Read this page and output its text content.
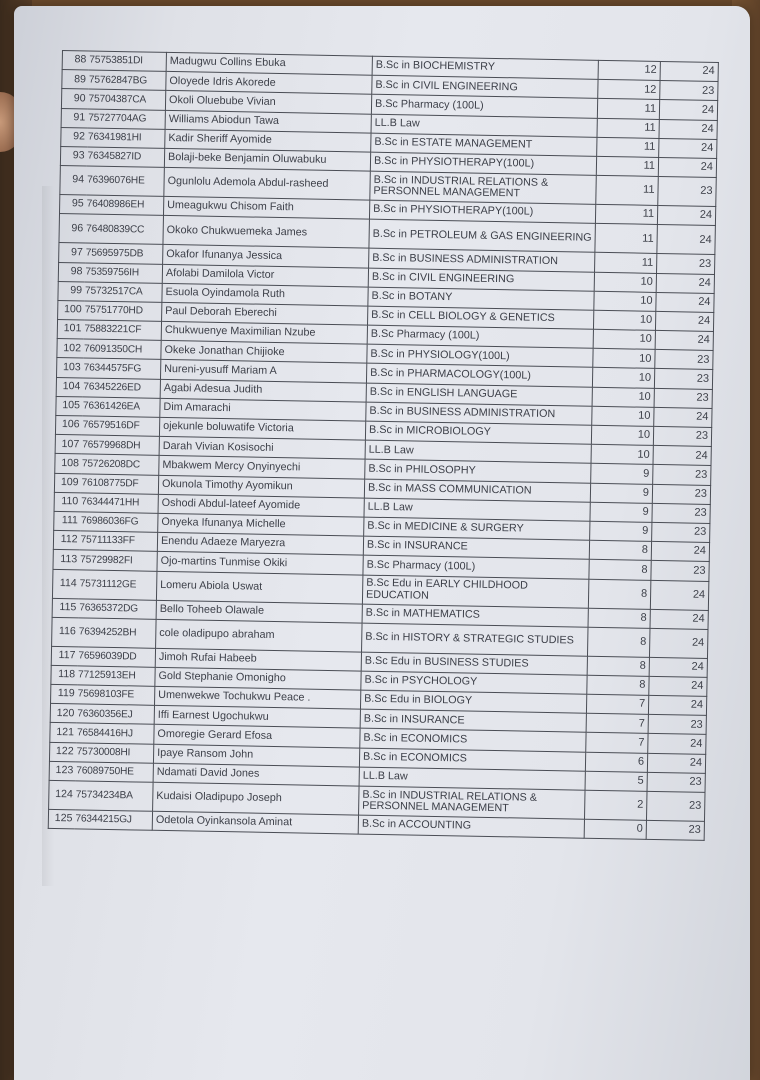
88	75753851DI	Madugwu Collins Ebuka	B.Sc in BIOCHEMISTRY	12	24
89	75762847BG	Oloyede Idris Akorede	B.Sc in CIVIL ENGINEERING	12	23
90	75704387CA	Okoli Oluebube Vivian	B.Sc Pharmacy (100L)	11	24
91	75727704AG	Williams Abiodun Tawa	LL.B Law	11	24
92	76341981HI	Kadir Sheriff Ayomide	B.Sc in ESTATE MANAGEMENT	11	24
93	76345827ID	Bolaji-beke Benjamin Oluwabuku	B.Sc in PHYSIOTHERAPY(100L)	11	24
94	76396076HE	Ogunlolu Ademola Abdul-rasheed	B.Sc in INDUSTRIAL RELATIONS & PERSONNEL MANAGEMENT	11	23
95	76408986EH	Umeagukwu Chisom Faith	B.Sc in PHYSIOTHERAPY(100L)	11	24
96	76480839CC	Okoko Chukwuemeka James	B.Sc in PETROLEUM & GAS ENGINEERING	11	24
97	75695975DB	Okafor Ifunanya Jessica	B.Sc in BUSINESS ADMINISTRATION	11	23
98	75359756IH	Afolabi Damilola Victor	B.Sc in CIVIL ENGINEERING	10	24
99	75732517CA	Esuola Oyindamola Ruth	B.Sc in BOTANY	10	24
100	75751770HD	Paul Deborah Eberechi	B.Sc in CELL BIOLOGY & GENETICS	10	24
101	75883221CF	Chukwuenye Maximilian Nzube	B.Sc Pharmacy (100L)	10	24
102	76091350CH	Okeke Jonathan Chijioke	B.Sc in PHYSIOLOGY(100L)	10	23
103	76344575FG	Nureni-yusuff Mariam A	B.Sc in PHARMACOLOGY(100L)	10	23
104	76345226ED	Agabi Adesua Judith	B.Sc in ENGLISH LANGUAGE	10	23
105	76361426EA	Dim Amarachi	B.Sc in BUSINESS ADMINISTRATION	10	24
106	76579516DF	ojekunle boluwatife Victoria	B.Sc in MICROBIOLOGY	10	23
107	76579968DH	Darah Vivian Kosisochi	LL.B Law	10	24
108	75726208DC	Mbakwem Mercy Onyinyechi	B.Sc in PHILOSOPHY	9	23
109	76108775DF	Okunola Timothy Ayomikun	B.Sc in MASS COMMUNICATION	9	23
110	76344471HH	Oshodi Abdul-lateef Ayomide	LL.B Law	9	23
111	76986036FG	Onyeka Ifunanya Michelle	B.Sc in MEDICINE & SURGERY	9	23
112	75711133FF	Enendu Adaeze Maryezra	B.Sc in INSURANCE	8	24
113	75729982FI	Ojo-martins Tunmise Okiki	B.Sc Pharmacy (100L)	8	23
114	75731112GE	Lomeru Abiola Uswat	B.Sc Edu in EARLY CHILDHOOD EDUCATION	8	24
115	76365372DG	Bello Toheeb Olawale	B.Sc in MATHEMATICS	8	24
116	76394252BH	cole oladipupo abraham	B.Sc in HISTORY & STRATEGIC STUDIES	8	24
117	76596039DD	Jimoh Rufai Habeeb	B.Sc Edu in BUSINESS STUDIES	8	24
118	77125913EH	Gold Stephanie Omonigho	B.Sc in PSYCHOLOGY	8	24
119	75698103FE	Umenwekwe Tochukwu Peace .	B.Sc Edu in BIOLOGY	7	24
120	76360356EJ	Iffi Earnest Ugochukwu	B.Sc in INSURANCE	7	23
121	76584416HJ	Omoregie Gerard Efosa	B.Sc in ECONOMICS	7	24
122	75730008HI	Ipaye Ransom John	B.Sc in ECONOMICS	6	24
123	76089750HE	Ndamati David Jones	LL.B Law	5	23
124	75734234BA	Kudaisi Oladipupo Joseph	B.Sc in INDUSTRIAL RELATIONS & PERSONNEL MANAGEMENT	2	23
125	76344215GJ	Odetola Oyinkansola Aminat	B.Sc in ACCOUNTING	0	23
